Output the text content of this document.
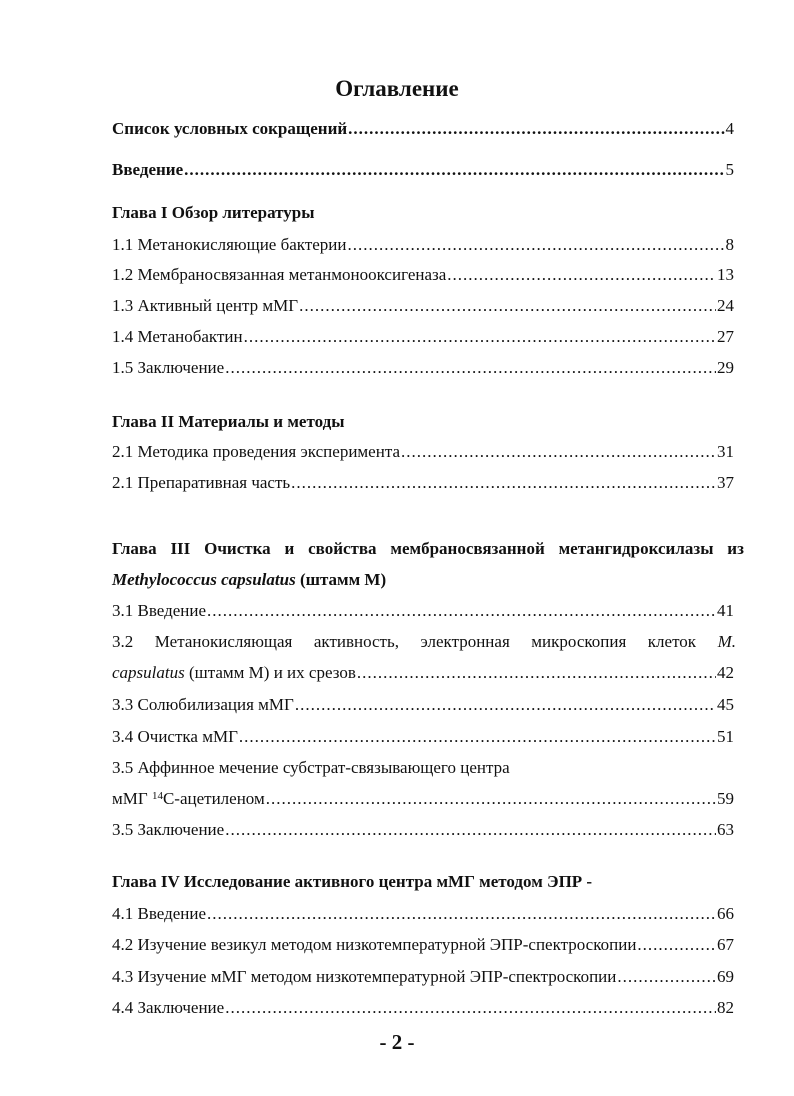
Оглавление
Список условных сокращений .....	4
Введение .....	5
Глава I Обзор литературы
1.1 Метанокисляющие бактерии .....	8
1.2 Мембраносвязанная метанмонооксигеназа .....	13
1.3 Активный центр мМГ .....	24
1.4 Метанобактин .....	27
1.5 Заключение .....	29
Глава II Материалы и методы
2.1 Методика проведения эксперимента .....	31
2.1 Препаративная часть .....	37
Глава III Очистка и свойства мембраносвязанной метангидроксилазы из
Methylococcus capsulatus (штамм М)
3.1 Введение .....	41
3.2 Метанокисляющая активность, электронная микроскопия клеток M.
capsulatus (штамм М) и их срезов .....	42
3.3 Солюбилизация мМГ .....	45
3.4 Очистка мМГ .....	51
3.5 Аффинное мечение субстрат-связывающего центра
мМГ $^{14}$С-ацетиленом .....	59
3.5 Заключение .....	63
Глава IV Исследование активного центра мМГ методом ЭПР -
4.1 Введение .....	66
4.2 Изучение везикул методом низкотемпературной ЭПР-спектроскопии .....	67
4.3 Изучение мМГ методом низкотемпературной ЭПР-спектроскопии .....	69
4.4 Заключение .....	82
- 2 -
